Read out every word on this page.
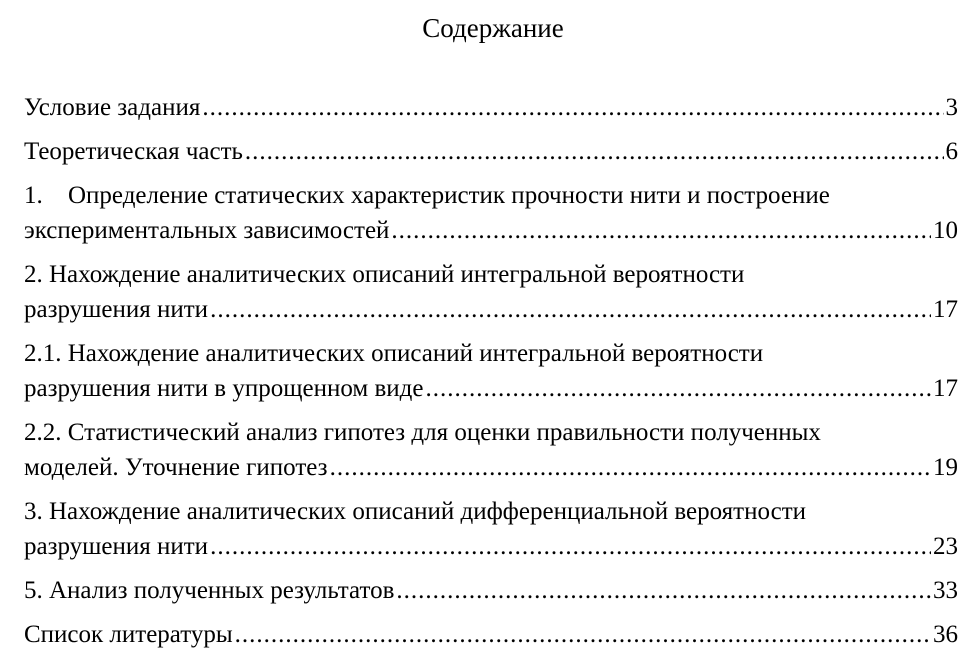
Содержание
Условие задания .....	3
Теоретическая часть .....	6
1. Определение статических характеристик прочности нити и построение
экспериментальных зависимостей .....	10
2. Нахождение аналитических описаний интегральной вероятности
разрушения нити .....	17
2.1. Нахождение аналитических описаний интегральной вероятности
разрушения нити в упрощенном виде .....	17
2.2. Статистический анализ гипотез для оценки правильности полученных
моделей. Уточнение гипотез .....	19
3. Нахождение аналитических описаний дифференциальной вероятности
разрушения нити .....	23
5. Анализ полученных результатов .....	33
Список литературы .....	36
